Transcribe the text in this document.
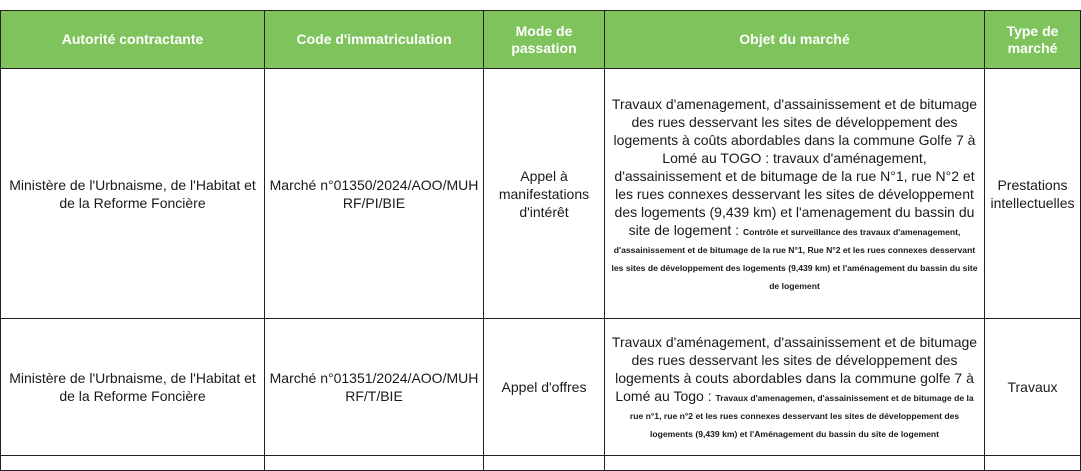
Autorité contractante	Code d'immatriculation	Mode de passation	Objet du marché	Type de marché
Ministère de l'Urbnaisme, de l'Habitat et de la Reforme Foncière	Marché n°01350/2024/AOO/MUHRF/PI/BIE	Appel à manifestations d'intérêt	Travaux d'amenagement, d'assainissement et de bitumage des rues desservant les sites de développement des logements à coûts abordables dans la commune Golfe 7 à Lomé au TOGO : travaux d'aménagement, d'assainissement et de bitumage de la rue N°1, rue N°2 et les rues connexes desservant les sites de développement des logements (9,439 km) et l'amenagement du bassin du site de logement : Contrôle et surveillance des travaux d'amenagement, d'assainissement et de bitumage de la rue N°1, Rue N°2 et les rues connexes desservant les sites de développement des logements (9,439 km) et l'aménagement du bassin du site de logement	Prestations intellectuelles
Ministère de l'Urbnaisme, de l'Habitat et de la Reforme Foncière	Marché n°01351/2024/AOO/MUHRF/T/BIE	Appel d'offres	Travaux d'aménagement, d'assainissement et de bitumage des rues desservant les sites de développement des logements à couts abordables dans la commune golfe 7 à Lomé au Togo : Travaux d'amenagemen, d'assainissement et de bitumage de la rue n°1, rue n°2 et les rues connexes desservant les sites de développement des logements (9,439 km) et l'Aménagement du bassin du site de logement	Travaux
